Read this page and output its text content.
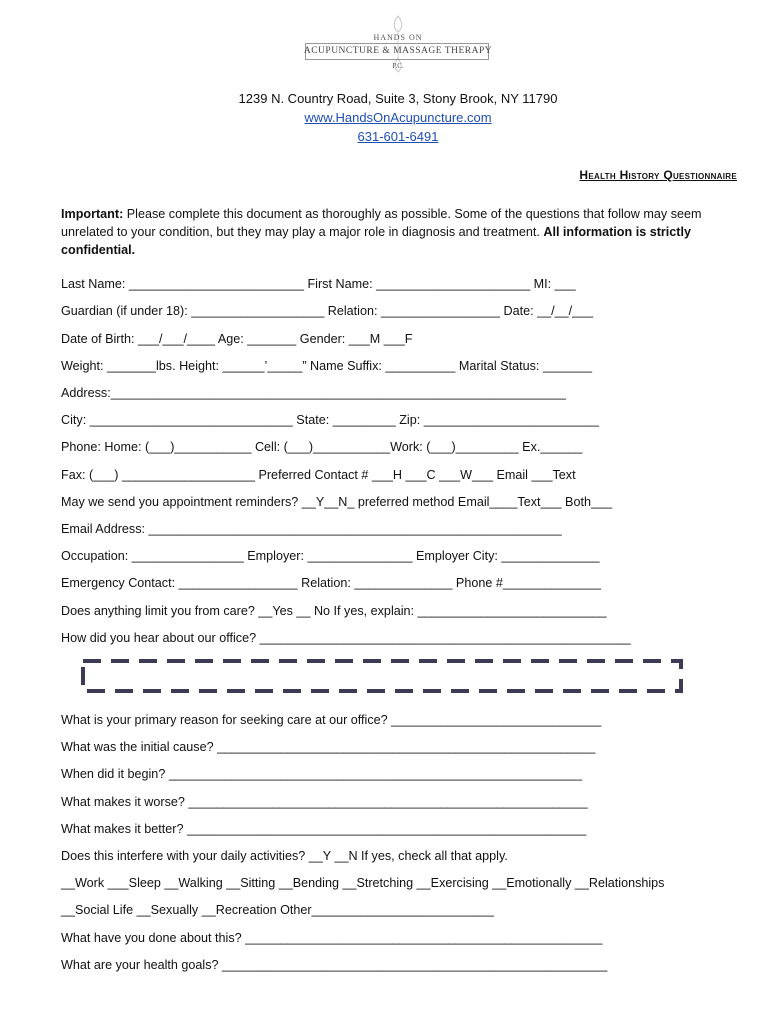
HANDS ON
ACUPUNCTURE & MASSAGE THERAPY
P.C.
1239 N. Country Road, Suite 3, Stony Brook, NY 11790
www.HandsOnAcupuncture.com
631-601-6491
Health History Questionnaire
Important: Please complete this document as thoroughly as possible. Some of the questions that follow may seem unrelated to your condition, but they may play a major role in diagnosis and treatment. All information is strictly confidential.
Last Name: _________________________ First Name: ______________________ MI: ___
Guardian (if under 18): ___________________ Relation: _________________ Date: __/__/___
Date of Birth: ___/___/____ Age: _______ Gender: ___M ___F
Weight: _______lbs. Height: ______’_____” Name Suffix: __________ Marital Status: _______
Address:_________________________________________________________________
City: _____________________________ State: _________ Zip: _________________________
Phone: Home: (___)___________ Cell: (___)___________Work: (___)_________ Ex.______
Fax: (___) ___________________ Preferred Contact # ___H ___C ___W___ Email ___Text
May we send you appointment reminders? __Y__N_ preferred method Email____Text___ Both___
Email Address: ___________________________________________________________
Occupation: ________________ Employer: _______________ Employer City: ______________
Emergency Contact: _________________ Relation: ______________ Phone #______________
Does anything limit you from care? __Yes __ No If yes, explain: ___________________________
How did you hear about our office? _____________________________________________________
What is your primary reason for seeking care at our office? ______________________________
What was the initial cause? ______________________________________________________
When did it begin? ___________________________________________________________
What makes it worse? _________________________________________________________
What makes it better? _________________________________________________________
Does this interfere with your daily activities? __Y __N If yes, check all that apply.
__Work ___Sleep __Walking __Sitting __Bending __Stretching __Exercising __Emotionally __Relationships
__Social Life __Sexually __Recreation Other__________________________
What have you done about this? ___________________________________________________
What are your health goals? _______________________________________________________
